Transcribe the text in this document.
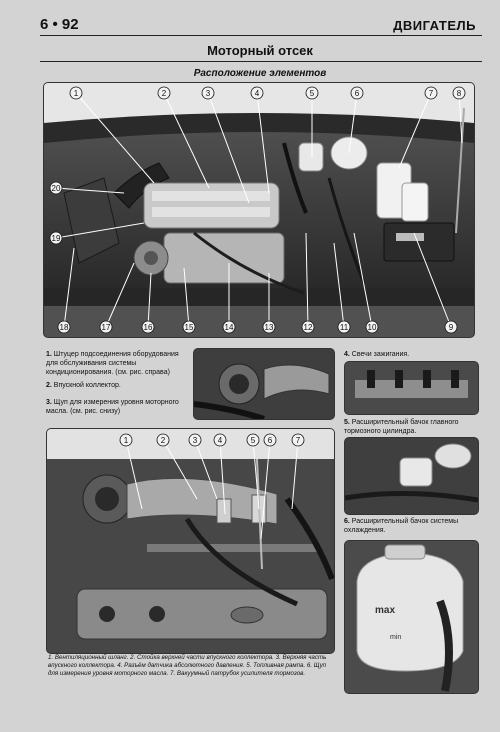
6 • 92	ДВИГАТЕЛЬ
Моторный отсек
Расположение элементов
1	2	3	4	5	6	7	8
20
19
18	17	16	15	14	13	12	11 10	9
1. Штуцер подсоединения оборудования для обслуживания системы кондиционирования. (см. рис. справа)
2. Впускной коллектор.
3. Щуп для измерения уровня моторного масла. (см. рис. снизу)
4. Свечи зажигания.
5. Расширительный бачок главного тормозного цилиндра.
6. Расширительный бачок системы охлаждения.
max
min
1	2	3	4	5 6	7
1. Вентиляционный шланг. 2. Стойка верхней части впускного коллектора. 3. Верхняя часть впускного коллектора. 4. Разъём датчика абсолютного давления. 5. Топливная рампа. 6. Щуп для измерения уровня моторного масла. 7. Вакуумный патрубок усилителя тормозов.
